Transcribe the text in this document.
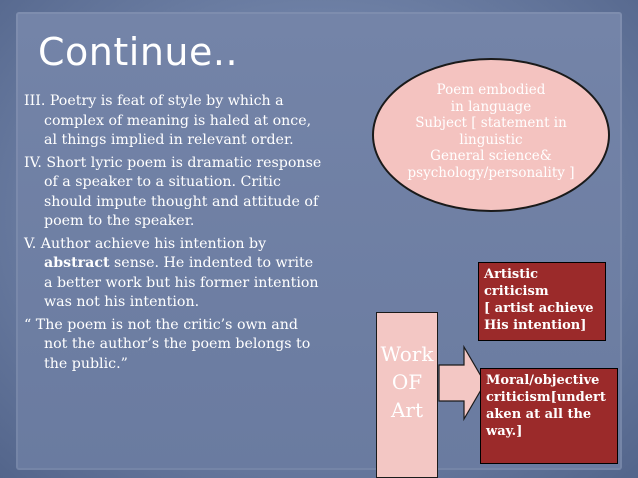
Continue..

III. Poetry is feat of style by which a complex of meaning is haled at once, al things implied in relevant order.

IV. Short lyric poem is dramatic response of a speaker to a situation. Critic should impute thought and attitude of poem to the speaker.

V. Author achieve his intention by abstract sense. He indented to write a better work but his former intention was not his intention.

“ The poem is not the critic’s own and not the author’s the poem belongs to the public.”

Poem embodied
in language
Subject [ statement in
linguistic
General science&
psychology/personality ]
Work
OF
Art
Artistic
criticism
[ artist achieve
His intention]
Moral/objective
criticism[undert
aken at all the
way.]
